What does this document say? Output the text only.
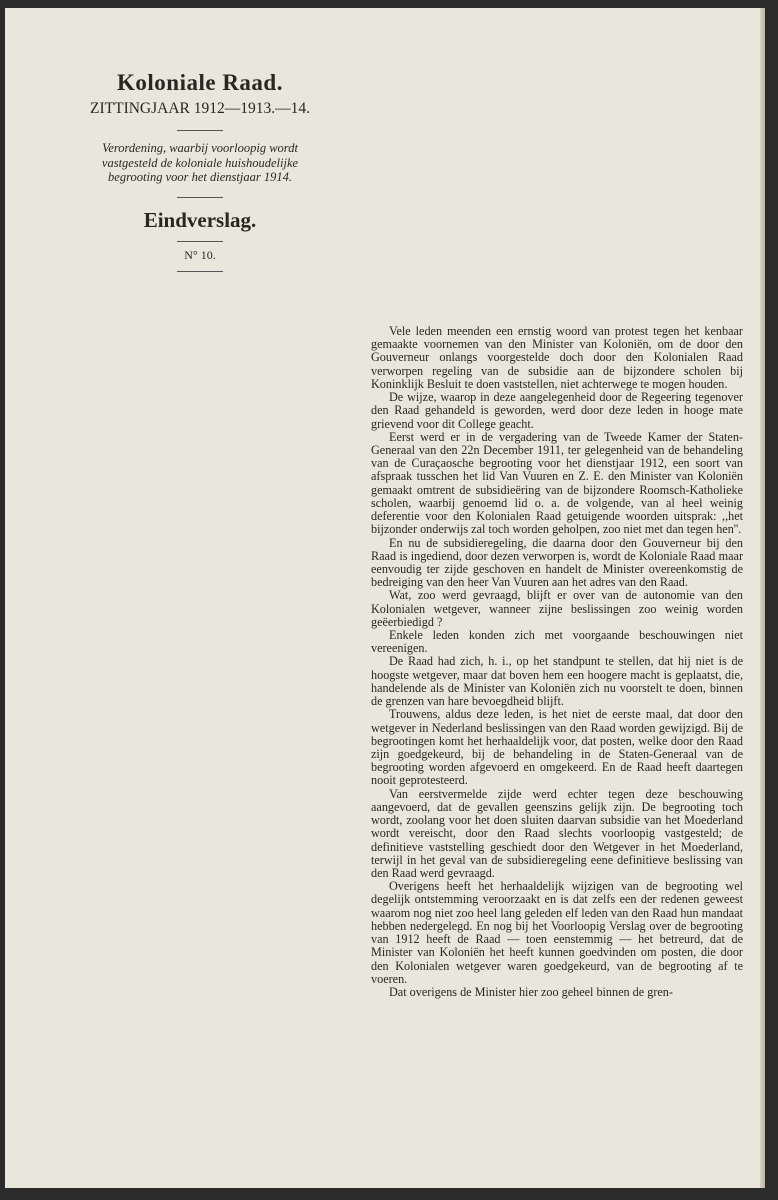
Koloniale Raad.
ZITTINGJAAR 1912—1913.—14.
Verordening, waarbij voorloopig wordt vastgesteld de koloniale huishoudelijke begrooting voor het dienstjaar 1914.
Eindverslag.
N° 10.

Vele leden meenden een ernstig woord van protest tegen het kenbaar gemaakte voornemen van den Minister van Koloniën, om de door den Gouverneur onlangs voorgestelde doch door den Kolonialen Raad verworpen regeling van de subsidie aan de bijzondere scholen bij Koninklijk Besluit te doen vaststellen, niet achterwege te mogen houden.

De wijze, waarop in deze aangelegenheid door de Regeering tegenover den Raad gehandeld is geworden, werd door deze leden in hooge mate grievend voor dit College geacht.

Eerst werd er in de vergadering van de Tweede Kamer der Staten-Generaal van den 22n December 1911, ter gelegenheid van de behandeling van de Curaçaosche begrooting voor het dienstjaar 1912, een soort van afspraak tusschen het lid Van Vuuren en Z. E. den Minister van Koloniën gemaakt omtrent de subsidieëring van de bijzondere Roomsch-Katholieke scholen, waarbij genoemd lid o. a. de volgende, van al heel weinig deferentie voor den Kolonialen Raad getuigende woorden uitsprak: ,,het bijzonder onderwijs zal toch worden geholpen, zoo niet met dan tegen hen''.

En nu de subsidieregeling, die daarna door den Gouverneur bij den Raad is ingediend, door dezen verworpen is, wordt de Koloniale Raad maar eenvoudig ter zijde geschoven en handelt de Minister overeenkomstig de bedreiging van den heer Van Vuuren aan het adres van den Raad.

Wat, zoo werd gevraagd, blijft er over van de autonomie van den Kolonialen wetgever, wanneer zijne beslissingen zoo weinig worden geëerbiedigd ?

Enkele leden konden zich met voorgaande beschouwingen niet vereenigen.

De Raad had zich, h. i., op het standpunt te stellen, dat hij niet is de hoogste wetgever, maar dat boven hem een hoogere macht is geplaatst, die, handelende als de Minister van Koloniën zich nu voorstelt te doen, binnen de grenzen van hare bevoegdheid blijft.

Trouwens, aldus deze leden, is het niet de eerste maal, dat door den wetgever in Nederland beslissingen van den Raad worden gewijzigd. Bij de begrootingen komt het herhaaldelijk voor, dat posten, welke door den Raad zijn goedgekeurd, bij de behandeling in de Staten-Generaal van de begrooting worden afgevoerd en omgekeerd. En de Raad heeft daartegen nooit geprotesteerd.

Van eerstvermelde zijde werd echter tegen deze beschouwing aangevoerd, dat de gevallen geenszins gelijk zijn. De begrooting toch wordt, zoolang voor het doen sluiten daarvan subsidie van het Moederland wordt vereischt, door den Raad slechts voorloopig vastgesteld; de definitieve vaststelling geschiedt door den Wetgever in het Moederland, terwijl in het geval van de subsidieregeling eene definitieve beslissing van den Raad werd gevraagd.

Overigens heeft het herhaaldelijk wijzigen van de begrooting wel degelijk ontstemming veroorzaakt en is dat zelfs een der redenen geweest waarom nog niet zoo heel lang geleden elf leden van den Raad hun mandaat hebben nedergelegd. En nog bij het Voorloopig Verslag over de begrooting van 1912 heeft de Raad — toen eenstemmig — het betreurd, dat de Minister van Koloniën het heeft kunnen goedvinden om posten, die door den Kolonialen wetgever waren goedgekeurd, van de begrooting af te voeren.

Dat overigens de Minister hier zoo geheel binnen de gren-
